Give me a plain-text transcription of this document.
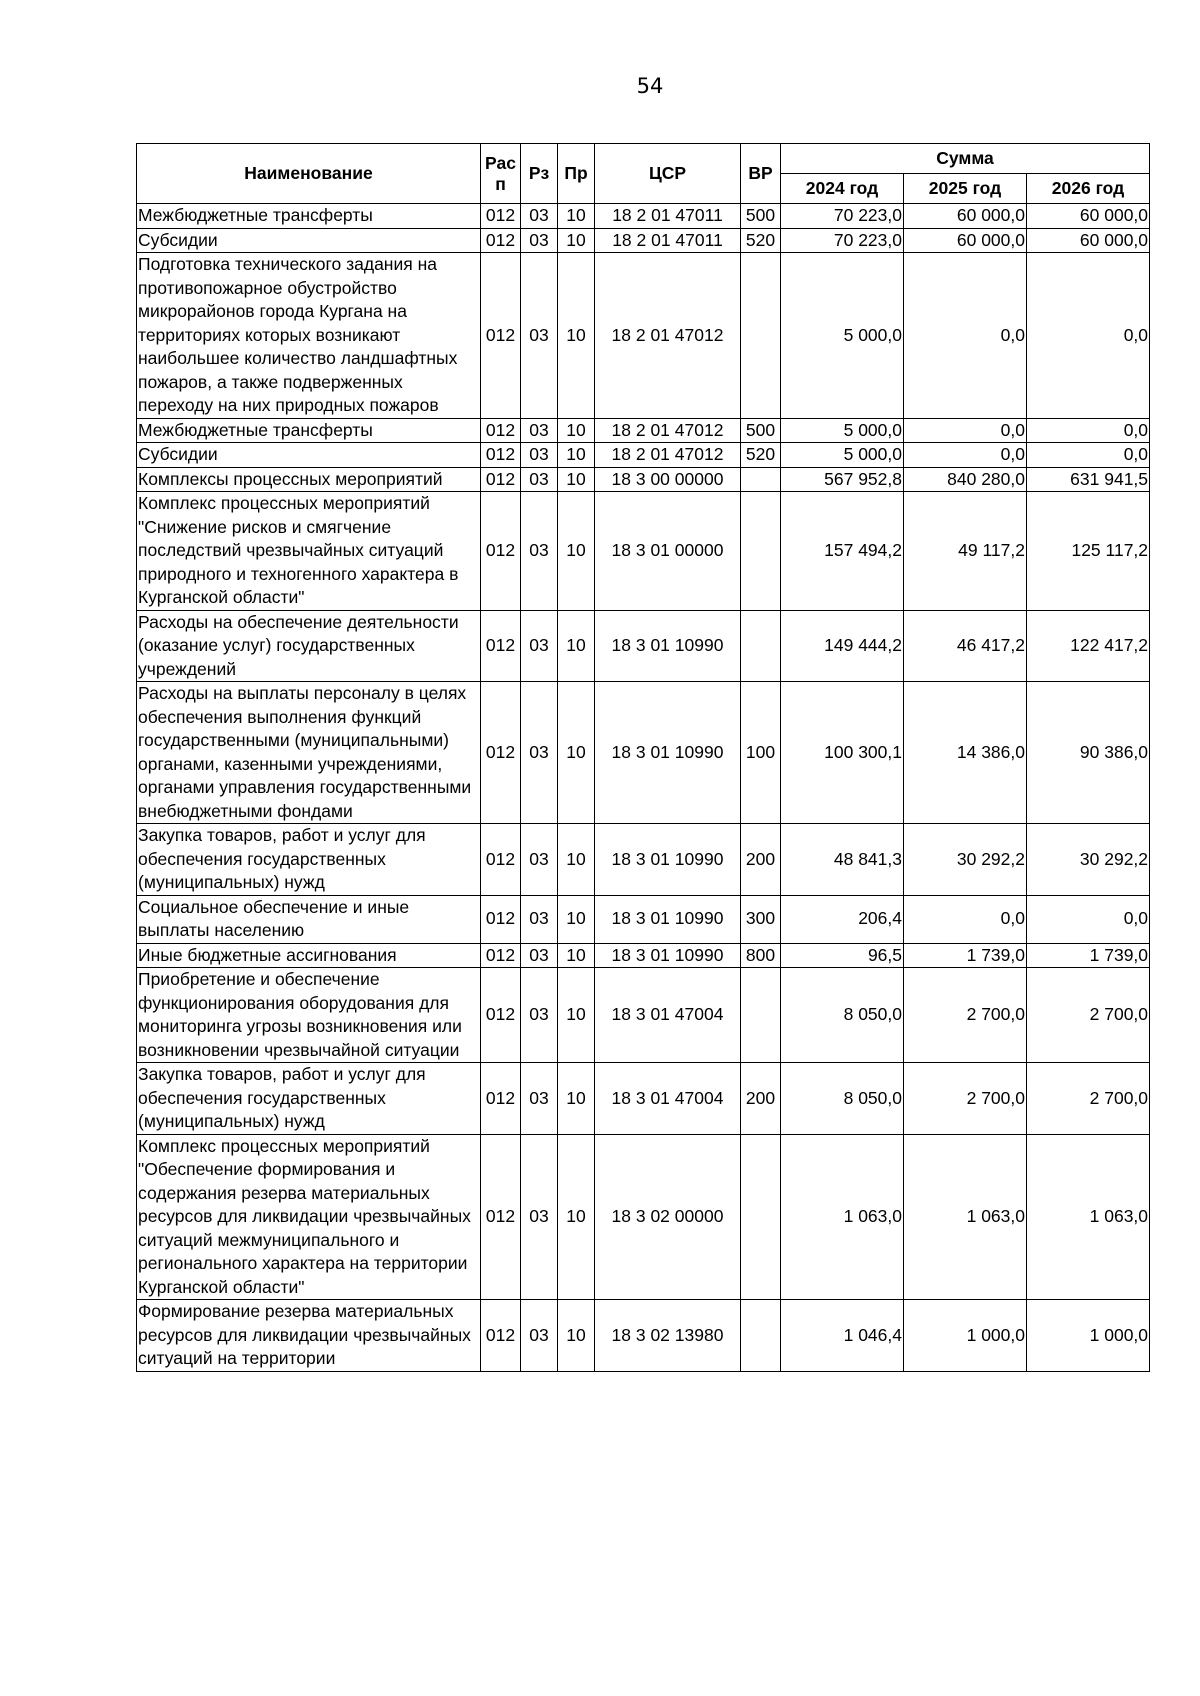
54
Наименование	Рас п	Рз	Пр	ЦСР	ВР	Сумма		
						2024 год	2025 год	2026 год
Межбюджетные трансферты	012	03	10	18 2 01 47011	500	70 223,0	60 000,0	60 000,0
Субсидии	012	03	10	18 2 01 47011	520	70 223,0	60 000,0	60 000,0
Подготовка технического задания на противопожарное обустройство микрорайонов города Кургана на территориях которых возникают наибольшее количество ландшафтных пожаров, а также подверженных переходу на них природных пожаров	012	03	10	18 2 01 47012		5 000,0	0,0	0,0
Межбюджетные трансферты	012	03	10	18 2 01 47012	500	5 000,0	0,0	0,0
Субсидии	012	03	10	18 2 01 47012	520	5 000,0	0,0	0,0
Комплексы процессных мероприятий	012	03	10	18 3 00 00000		567 952,8	840 280,0	631 941,5
Комплекс процессных мероприятий "Снижение рисков и смягчение последствий чрезвычайных ситуаций природного и техногенного характера в Курганской области"	012	03	10	18 3 01 00000		157 494,2	49 117,2	125 117,2
Расходы на обеспечение деятельности (оказание услуг) государственных учреждений	012	03	10	18 3 01 10990		149 444,2	46 417,2	122 417,2
Расходы на выплаты персоналу в целях обеспечения выполнения функций государственными (муниципальными) органами, казенными учреждениями, органами управления государственными внебюджетными фондами	012	03	10	18 3 01 10990	100	100 300,1	14 386,0	90 386,0
Закупка товаров, работ и услуг для обеспечения государственных (муниципальных) нужд	012	03	10	18 3 01 10990	200	48 841,3	30 292,2	30 292,2
Социальное обеспечение и иные выплаты населению	012	03	10	18 3 01 10990	300	206,4	0,0	0,0
Иные бюджетные ассигнования	012	03	10	18 3 01 10990	800	96,5	1 739,0	1 739,0
Приобретение и обеспечение функционирования оборудования для мониторинга угрозы возникновения или возникновении чрезвычайной ситуации	012	03	10	18 3 01 47004		8 050,0	2 700,0	2 700,0
Закупка товаров, работ и услуг для обеспечения государственных (муниципальных) нужд	012	03	10	18 3 01 47004	200	8 050,0	2 700,0	2 700,0
Комплекс процессных мероприятий "Обеспечение формирования и содержания резерва материальных ресурсов для ликвидации чрезвычайных ситуаций межмуниципального и регионального характера на территории Курганской области"	012	03	10	18 3 02 00000		1 063,0	1 063,0	1 063,0
Формирование резерва материальных ресурсов для ликвидации чрезвычайных ситуаций на территории	012	03	10	18 3 02 13980		1 046,4	1 000,0	1 000,0
